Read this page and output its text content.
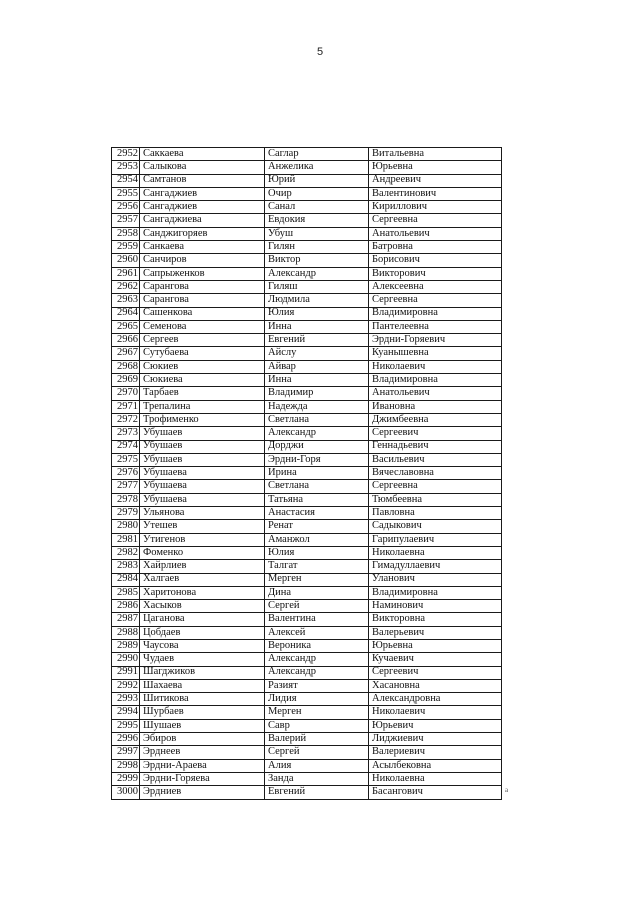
5
2952	Саккаева	Саглар	Витальевна
2953	Салыкова	Анжелика	Юрьевна
2954	Самтанов	Юрий	Андреевич
2955	Сангаджиев	Очир	Валентинович
2956	Сангаджиев	Санал	Кириллович
2957	Сангаджиева	Евдокия	Сергеевна
2958	Санджигоряев	Убуш	Анатольевич
2959	Санкаева	Гилян	Батровна
2960	Санчиров	Виктор	Борисович
2961	Сапрыженков	Александр	Викторович
2962	Сарангова	Гиляш	Алексеевна
2963	Сарангова	Людмила	Сергеевна
2964	Сашенкова	Юлия	Владимировна
2965	Семенова	Инна	Пантелеевна
2966	Сергеев	Евгений	Эрдни-Горяевич
2967	Сутубаева	Айслу	Куанышевна
2968	Сюкиев	Айвар	Николаевич
2969	Сюкиева	Инна	Владимировна
2970	Тарбаев	Владимир	Анатольевич
2971	Трепалина	Надежда	Ивановна
2972	Трофименко	Светлана	Джимбеевна
2973	Убушаев	Александр	Сергеевич
2974	Убушаев	Дорджи	Геннадьевич
2975	Убушаев	Эрдни-Горя	Васильевич
2976	Убушаева	Ирина	Вячеславовна
2977	Убушаева	Светлана	Сергеевна
2978	Убушаева	Татьяна	Тюмбеевна
2979	Ульянова	Анастасия	Павловна
2980	Утешев	Ренат	Садыкович
2981	Утигенов	Аманжол	Гарипулаевич
2982	Фоменко	Юлия	Николаевна
2983	Хайрлиев	Талгат	Гимадуллаевич
2984	Халгаев	Мерген	Уланович
2985	Харитонова	Дина	Владимировна
2986	Хасыков	Сергей	Наминович
2987	Цаганова	Валентина	Викторовна
2988	Цобдаев	Алексей	Валерьевич
2989	Чаусова	Вероника	Юрьевна
2990	Чудаев	Александр	Кучаевич
2991	Шагджиков	Александр	Сергеевич
2992	Шахаева	Разият	Хасановна
2993	Шитикова	Лидия	Александровна
2994	Шурбаев	Мерген	Николаевич
2995	Шушаев	Савр	Юрьевич
2996	Эбиров	Валерий	Лиджиевич
2997	Эрднеев	Сергей	Валериевич
2998	Эрдни-Араева	Алия	Асылбековна
2999	Эрдни-Горяева	Занда	Николаевна
3000	Эрдниев	Евгений	Басангович	а
